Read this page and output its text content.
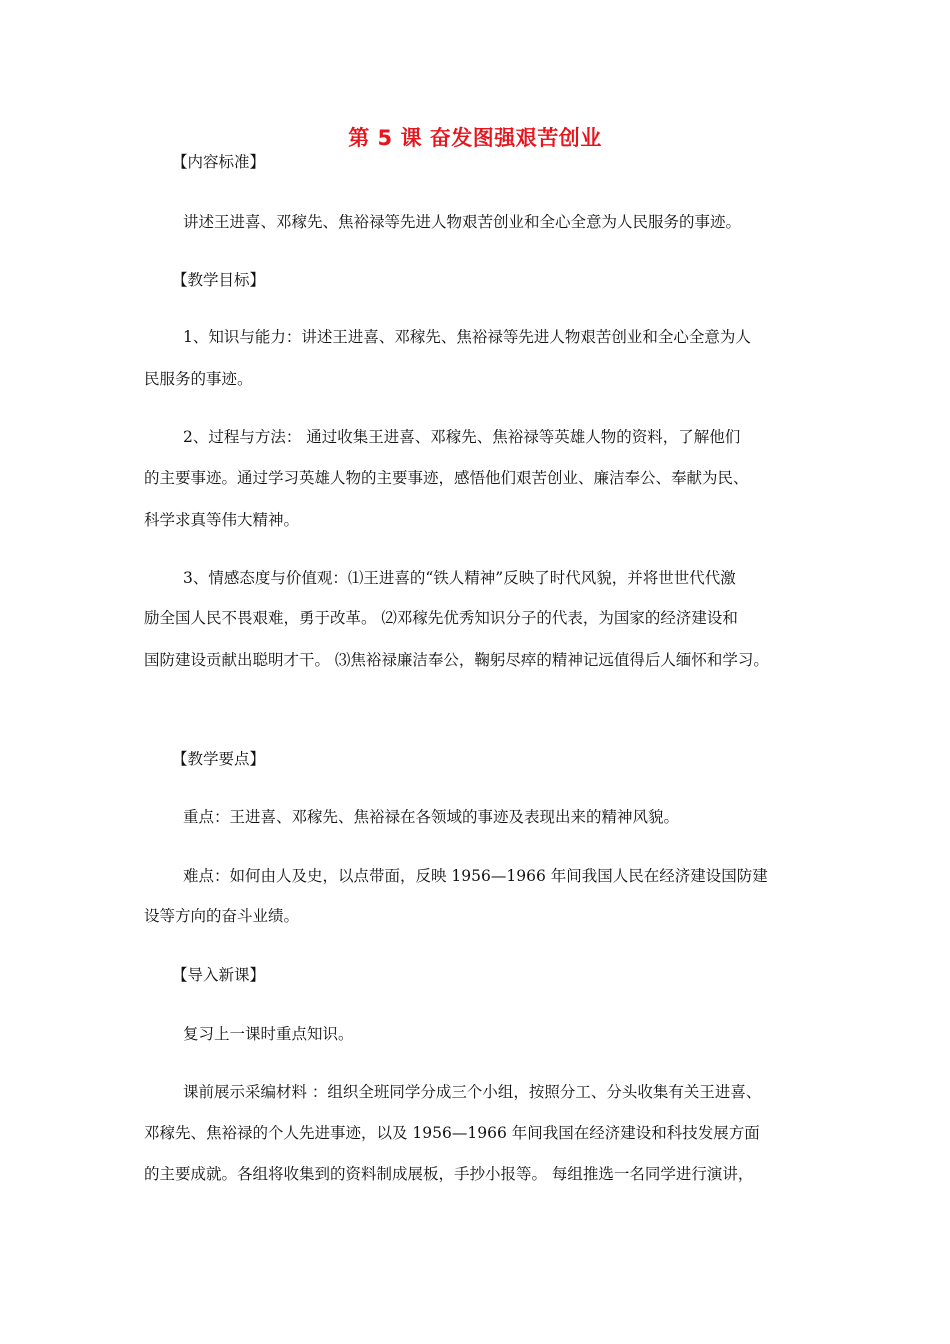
第 5 课 奋发图强艰苦创业
【内容标准】
讲述王进喜、邓稼先、焦裕禄等先进人物艰苦创业和全心全意为人民服务的事迹。
【教学目标】
1、知识与能力：讲述王进喜、邓稼先、焦裕禄等先进人物艰苦创业和全心全意为人
民服务的事迹。
2、过程与方法： 通过收集王进喜、邓稼先、焦裕禄等英雄人物的资料，了解他们
的主要事迹。通过学习英雄人物的主要事迹，感悟他们艰苦创业、廉洁奉公、奉献为民、
科学求真等伟大精神。
3、情感态度与价值观：⑴王进喜的“铁人精神”反映了时代风貌，并将世世代代激
励全国人民不畏艰难，勇于改革。 ⑵邓稼先优秀知识分子的代表，为国家的经济建设和
国防建设贡献出聪明才干。 ⑶焦裕禄廉洁奉公，鞠躬尽瘁的精神记远值得后人缅怀和学习。
【教学要点】
重点：王进喜、邓稼先、焦裕禄在各领域的事迹及表现出来的精神风貌。
难点：如何由人及史，以点带面，反映 1956—1966 年间我国人民在经济建设国防建
设等方向的奋斗业绩。
【导入新课】
复习上一课时重点知识。
课前展示采编材料 ：组织全班同学分成三个小组，按照分工、分头收集有关王进喜、
邓稼先、焦裕禄的个人先进事迹，以及 1956—1966 年间我国在经济建设和科技发展方面
的主要成就。各组将收集到的资料制成展板，手抄小报等。 每组推选一名同学进行演讲，
